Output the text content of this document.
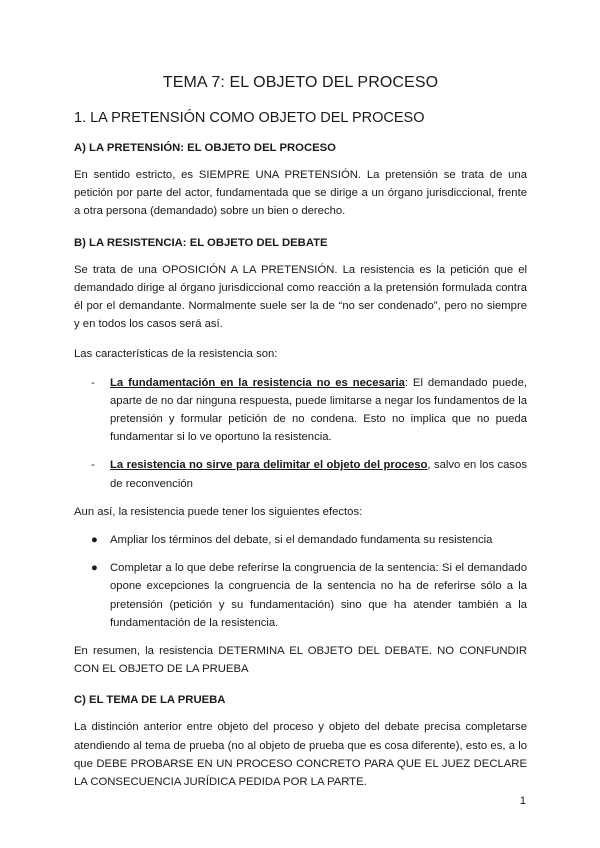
TEMA 7: EL OBJETO DEL PROCESO
1. LA PRETENSIÓN COMO OBJETO DEL PROCESO
A) LA PRETENSIÓN: EL OBJETO DEL PROCESO

En sentido estricto, es SIEMPRE UNA PRETENSIÓN. La pretensión se trata de una petición por parte del actor, fundamentada que se dirige a un órgano jurisdiccional, frente a otra persona (demandado) sobre un bien o derecho.

B) LA RESISTENCIA: EL OBJETO DEL DEBATE

Se trata de una OPOSICIÓN A LA PRETENSIÓN. La resistencia es la petición que el demandado dirige al órgano jurisdiccional como reacción a la pretensión formulada contra él por el demandante. Normalmente suele ser la de “no ser condenado”, pero no siempre y en todos los casos será así.

Las características de la resistencia son:

- La fundamentación en la resistencia no es necesaria: El demandado puede, aparte de no dar ninguna respuesta, puede limitarse a negar los fundamentos de la pretensión y formular petición de no condena. Esto no implica que no pueda fundamentar si lo ve oportuno la resistencia.
- La resistencia no sirve para delimitar el objeto del proceso, salvo en los casos de reconvención

Aun así, la resistencia puede tener los siguientes efectos:

● Ampliar los términos del debate, si el demandado fundamenta su resistencia
● Completar a lo que debe referirse la congruencia de la sentencia: Si el demandado opone excepciones la congruencia de la sentencia no ha de referirse sólo a la pretensión (petición y su fundamentación) sino que ha atender también a la fundamentación de la resistencia.

En resumen, la resistencia DETERMINA EL OBJETO DEL DEBATE. NO CONFUNDIR CON EL OBJETO DE LA PRUEBA

C) EL TEMA DE LA PRUEBA

La distinción anterior entre objeto del proceso y objeto del debate precisa completarse atendiendo al tema de prueba (no al objeto de prueba que es cosa diferente), esto es, a lo que DEBE PROBARSE EN UN PROCESO CONCRETO PARA QUE EL JUEZ DECLARE LA CONSECUENCIA JURÍDICA PEDIDA POR LA PARTE.

1
